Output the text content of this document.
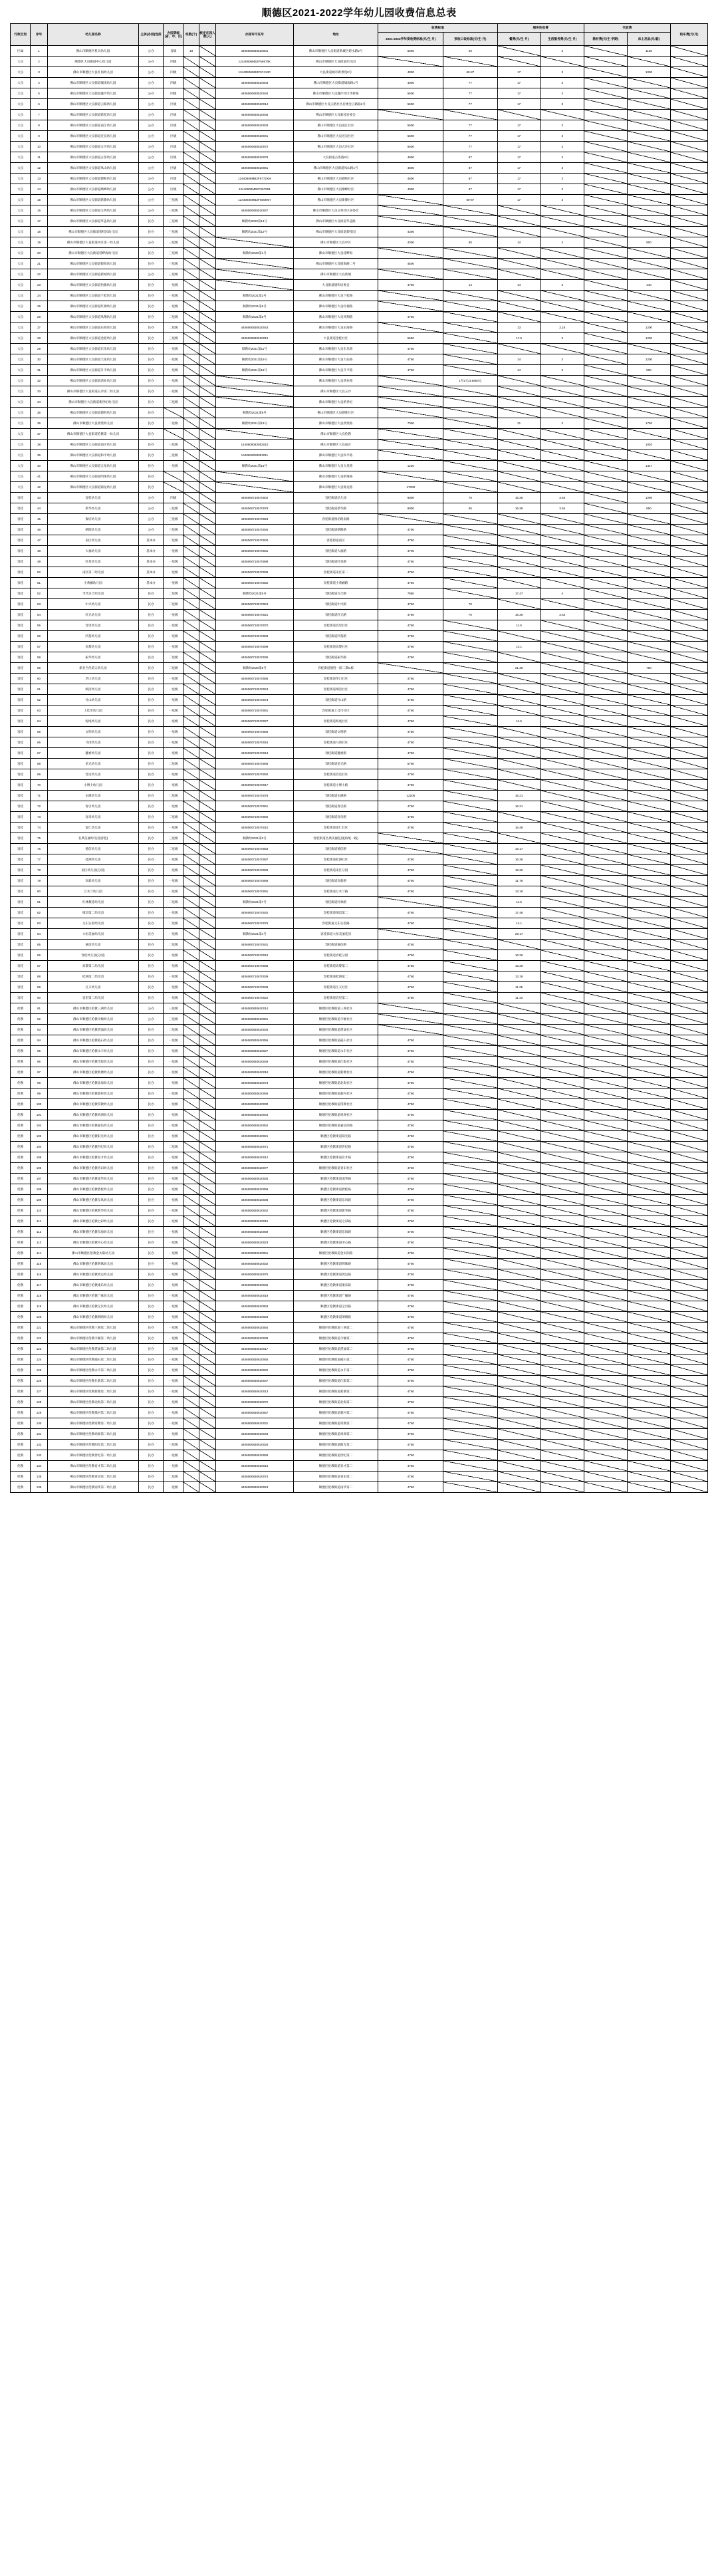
顺德区2021-2022学年幼儿园收费信息总表
行政区划	序号	幼儿园名称	主体(办园)性质	办园等级(省、市、区)	班数(个)	核定在园人数(人)	办园许可证号	地址	收费标准		服务性收费		代收费		校车费(元/月)
									2021-2022学年度收费标准(元/生·月)	预收口设标准(元/生·月)	餐费(元/生·月)	生活服务费(元/生·月)	教材费(元/生·学期)	床上用品(元/套)	

区属	1	佛山市顺德区机关幼儿园	公办	省级	18		4406060830520001	佛山市顺德区大良街道新城区碧水路2号	5600	20		3		1150	
大良	2	顺德区大良街道中心幼儿园	公办	四级			12440606MB2F55670K	佛山市顺德区大良街道幼儿园							
大良	3	佛山市顺德区大良红岗幼儿园	公办	四级			12440606MB2F57413C	大良街道城市新景苑2号	4800	60-87	17	3		1000	
大良	4	佛山市顺德区大良街道城南幼儿园	公办	四级			4406060830520003	佛山市顺德区大良街道城南路1号	4800	77	17	3			
大良	5	佛山市顺德区大良街道逢沙幼儿园	公办	四级			4406060830520044	佛山市顺德区大良逢沙社区华新路	5600	77	17	3			
大良	6	佛山市顺德区大良街道云路幼儿园	公办	区级			4406060830520014	佛山市顺德区大良云路社区居委会云路路2号	5600	77	17	3			
大良	7	佛山市顺德区大良街道新桂幼儿园	公办	区级			4406060830520035	佛山市顺德区大良新桂居委会							
大良	8	佛山市顺德区大良街道南江幼儿园	公办	区级			4406060830520033	佛山市顺德区大良南江社区	5600	77	17	3			
大良	9	佛山市顺德区大良街道近良幼儿园	公办	区级			4406060830520041	佛山市顺德区大良近良社区	5600	77	17	3			
大良	10	佛山市顺德区大良街道五沙幼儿园	公办	区级			4406060830520072	佛山市顺德区大良五沙社区	5600	77	17	3			
大良	11	佛山市顺德区大良街道古鉴幼儿园	公办	区级			4406060830520078	大良街道古鉴路2号	4800	87	17	3			
大良	12	佛山市顺德区大良街道凤山幼儿园	公办	区级			4406060830520061	佛山市顺德区大良街道凤山路1号	4800	87	17	3			
大良	13	佛山市顺德区大良街道德和幼儿园	公办	区级			12440606MB2F5772XM	佛山市顺德区大良德和社区	4800	87	17	3			
大良	14	佛山市顺德区大良街道顺峰幼儿园	公办	区级			12440606MB2F567891	佛山市顺德区大良顺峰社区	4800	87	17	3			
大良	15	佛山市顺德区大良街道新滕幼儿园	公办	三星级			12440606MB2F5669XH	佛山市顺德区大良新滕社区		60-87	17	3			
大良	16	佛山市顺德区大良街道文秀幼儿园	公办	三星级			4406060830520047	佛山市顺德区大良文秀社区居委会							
大良	17	佛山市顺德区大良街道华盖幼儿园	民办	三星级			顺教幼2020第14号	佛山市顺德区大良街道华盖路							
大良	18	佛山市顺德区大良街道碧桂园幼儿园	民办	三星级			顺教幼2021第12号	佛山市顺德区大良街道碧桂园	4300						
大良	19	佛山市顺德区大良街道中区第一幼儿园	公办	三星级				佛山市顺德区大良中区	4300	85	14	3		900	
大良	20	佛山市顺德区大良街道桂畔海幼儿园	民办	三星级			顺教幼2020第1号	佛山市顺德区大良桂畔海							
大良	21	佛山市顺德区大良街道银海幼儿园	民办	三星级				佛山市顺德区大良银海路二号	4500						
大良	22	佛山市顺德区大良街道新城幼儿园	公办	三星级				佛山市顺德区大良新城							
大良	23	佛山市顺德区大良街道怡雅幼儿园	民办	一星级				大良街道德和居委会	4750	14	14	3		440	
大良	24	佛山市顺德区大良街道兰桂幼儿园	民办	一星级			顺教幼2021第2号	佛山市顺德区大良兰桂路							
大良	25	佛山市顺德区大良街道红棉幼儿园	民办	一星级			顺教幼2021第6号	佛山市顺德区大良红棉路							
大良	26	佛山市顺德区大良街道凤翔幼儿园	民办	二星级			顺教幼2021第8号	佛山市顺德区大良凤翔路	4750						
大良	27	佛山市顺德区大良街道东海幼儿园	民办	二星级			4406060830520043	佛山市顺德区大良东海路			13	2,18		1200	
大良	28	佛山市顺德区大良街道金桂幼儿园	民办	三星级			4406060830520019	大良街道金桂社区	5550		17.5	3		1200	
大良	29	佛山市顺德区大良街道东乐幼儿园	民办	一星级			顺教幼2021第11号	佛山市顺德区大良东乐路	4750						
大良	30	佛山市顺德区大良街道天佑幼儿园	民办	一星级			顺教幼2021第15号	佛山市顺德区大良天佑路	4750		14	3		1200	
大良	31	佛山市顺德区大良街道升平幼儿园	民办	一星级			顺教幼2021第18号	佛山市顺德区大良升平路	4750		14	3		600	
大良	32	佛山市顺德区大良街道鸿业幼儿园	民办	一星级				佛山市顺德区大良鸿业路		1至2元/3.5900元					
大良	33	佛山市顺德区大良街道五沙第二幼儿园	民办	一星级				佛山市顺德区大良五沙							
大良	34	佛山市顺德区大良街道新世纪幼儿园	民办	二星级				佛山市顺德区大良新世纪							
大良	35	佛山市顺德区大良街道德胜幼儿园	民办				顺教幼2021第9号	佛山市顺德区大良德胜社区							
大良	36	佛山市顺德区大良欣榮幼儿园	民办	二星级			顺教幼2021第13号	佛山市顺德区大良欣榮路	7000		21	3		1750	
大良	37	佛山市顺德区大良街道伦教第一幼儿园	民办					佛山市顺德区大良伦教							
大良	38	佛山市顺德区大良街道南区幼儿园	民办	三星级			1440606083052010	佛山市顺德区大良南区						1020	
大良	39	佛山市顺德区大良街道和平幼儿园	民办	三星级			1440606083052011	佛山市顺德区大良和平路							
大良	40	佛山市顺德区大良街道五星幼儿园	民办	一星级			顺教幼2021第16号	佛山市顺德区大良五星路	1230					1447	
大良	41	佛山市顺德区大良街道明珠幼儿园	民办					佛山市顺德区大良明珠路							
大良	42	佛山市顺德区大良街道锦龙幼儿园	民办					佛山市顺德区大良锦龙路	17000						
容桂	43	容桂幼儿园	公办	四级			4406060710570002	容桂街道幼儿园	6800	70	16.36	3.64		1290	
容桂	44	新华幼儿园	公办	三星级			4406060710570079	容桂街道新华路	6800	65	16.36	3.64		850	
容桂	45	俊培幼儿园	公办	三星级			4406060710570023	容桂街道俊培路南路							
容桂	46	朝阳幼儿园	公办	三星级			4406060710570045	容桂街道朝阳路	4700						
容桂	47	南区幼儿园	基本办	二星级			4406060710570000	容桂街道南区	4750						
容桂	48	大福幼儿园	基本办	一星级			4406060710570031	容桂街道大福路	4700						
容桂	49	红星幼儿园	基本办	一星级			4406060710570088	容桂街道红星路	4750						
容桂	50	南区第二幼儿园	基本办	一星级			4406060710570036	容桂街道南区第二	4750						
容桂	51	小黄鹂幼儿园	基本办	一星级			4406060710570052	容桂街道小黄鹂路	4750						
容桂	52	当代百合幼儿园	民办	二星级			顺教幼2021第5号	容桂街道百合路	7850		17.47	4			
容桂	53	中兴幼儿园	民办	二星级			4406060710570064	容桂街道中兴路	4750	70					
容桂	54	红光幼儿园	民办	一星级			4406060710570021	容桂街道红光路	4750	70	16.36	3.64			
容桂	55	容里幼儿园	民办	一星级			4406060710570070	容桂街道容里社区	4750		11.5				
容桂	56	四基幼儿园	民办	一星级			4406060710570093	容桂街道四基路	4750						
容桂	57	高黎幼儿园	民办	一星级			4406060710570099	容桂街道高黎社区	4750		14.1				
容桂	58	振华幼儿园	民办	二星级			4406060710570035	容桂街道振华路	4750						
容桂	59	新亚当代第五幼儿园	民办	二星级			顺教幼2020第9号	容桂街道德胜一路二期C栋			21.39			760	
容桂	60	华口幼儿园	民办	一星级			4406060710570058	容桂街道华口社区	4750						
容桂	61	细滘幼儿园	民办	一星级			4406060710570024	容桂街道细滘社区	4750						
容桂	62	竹山幼儿园	民办	一星级			4406060710570073	容桂街道竹山路	4750						
容桂	63	上佳市幼儿园	民办	一星级			4406060710570081	容桂街道上佳市社区	4750						
容桂	64	海尾幼儿园	民办	一星级			4406060710570027	容桂街道海尾社区	4750		11.5				
容桂	65	文明幼儿园	民办	一星级			4406060710570055	容桂街道文明路	4750						
容桂	66	马冈幼儿园	民办	一星级			4406060710570016	容桂街道马冈社区	4750						
容桂	67	穗香幼儿园	民办	一星级			4406060710570013	容桂街道穗香路	4750						
容桂	68	星光幼儿园	民办	二星级			4406060710570066	容桂街道星光路	5750						
容桂	69	容边幼儿园	民办	一星级			4406060710570092	容桂街道容边社区	4750						
容桂	70	小博士幼儿园	民办	一星级			4406060710570017	容桂街道小博士路	4750						
容桂	71	永隆幼儿园	民办	二星级			4406060710570078	容桂街道永隆路	12200		16.21				
容桂	72	春引幼儿园	民办	一星级			4406060710570061	容桂街道春引路	4750		16.21				
容桂	73	容奇幼儿园	民办	二星级			4406060710570060	容桂街道容奇路	4750						
容桂	74	雷仁幼儿园	民办	一星级			4406060710570010	容桂街道雷仁社区	4750		16.48				
容桂	75	名典美丽幼儿园(容桂)	民办	三星级			顺教幼2021第3号	容桂街道名典美丽花园(海尾一路)							
容桂	76	德信幼儿园	民办	二星级			4406060710570053	容桂街道德信路			16.17				
容桂	77	桂洲幼儿园	民办	一星级			4406060710570087	容桂街道桂洲社区	4750		16.36				
容桂	78	南区幼儿园(分园)	民办	一星级			4406060710570029	容桂街道南区分园	4750		16.36				
容桂	79	高新幼儿园	民办	一星级			4406060710570069	容桂街道高新路	4750		11.78				
容桂	80	万木兰幼儿园	民办	一星级			4406060710570091	容桂街道万木兰路	4750		13.19				
容桂	81	红林教桂幼儿园	民办	二星级			顺教幼2021第7号	容桂街道红林路			11.5				
容桂	82	细滘第二幼儿园	民办	一星级			4406060710570042	容桂街道细滘第二	4750		17.48				
容桂	83	文东实验幼儿园	民办	二星级			4406060710570075	容桂街道文东实验路	4750		14.1				
容桂	84	大恒美丽幼儿园	民办	一星级			顺教幼2021第4号	容桂街道大恒美丽花园			26.17				
容桂	85	嘉信幼儿园	民办	二星级			4406060710570041	容桂街道嘉信路	4750						
容桂	86	容桂幼儿园(分园)	民办	一星级			4406060710570019	容桂街道容桂分园	4750		16.36				
容桂	87	高黎第二幼儿园	民办	一星级			4406060710570085	容桂街道高黎第二	4750		16.36				
容桂	88	桂洲第二幼儿园	民办	一星级			4406060710570039	容桂街道桂洲第二	4750		13.19				
容桂	89	江义幼儿园	民办	一星级			4406060710570048	容桂街道江义社区	4750		11.25				
容桂	90	容里第二幼儿园	民办	一星级			4406060710570022	容桂街道容里第二	4750		11.43				
伦教	91	佛山市顺德区伦教三洲幼儿园	公办	三星级			4406060830620014	顺德区伦教街道三洲社区							
伦教	92	佛山市顺德区伦教羊额幼儿园	公办	三星级			4406060830620061	顺德区伦教街道羊额社区							
伦教	93	佛山市顺德区伦教熹涌幼儿园	民办	二星级			4406060830620034	顺德区伦教街道熹涌社区							
伦教	94	佛山市顺德区伦教霞石幼儿园	民办	一星级			4406060830620055	顺德区伦教街道霞石社区	4750						
伦教	95	佛山市顺德区伦教永丰幼儿园	民办	一星级			4406060830620027	顺德区伦教街道永丰社区	4750						
伦教	96	佛山市顺德区伦教仕版幼儿园	民办	一星级			4406060830620049	顺德区伦教街道仕版社区	4750						
伦教	97	佛山市顺德区伦教新塘幼儿园	民办	一星级			4406060830620018	顺德区伦教街道新塘社区	4750						
伦教	98	佛山市顺德区伦教北海幼儿园	民办	一星级			4406060830620073	顺德区伦教街道北海社区	4750						
伦教	99	佛山市顺德区伦教荔村幼儿园	民办	一星级			4406060830620066	顺德区伦教街道荔村社区	4750						
伦教	100	佛山市顺德区伦教常教幼儿园	民办	一星级			4406060830620030	顺德区伦教街道常教社区	4750						
伦教	101	佛山市顺德区伦教鸡洲幼儿园	民办	一星级			4406060830620044	顺德区伦教街道鸡洲社区	4750						
伦教	102	佛山市顺德区伦教嘉信幼儿园	民办	一星级			4406060830620052	顺德区伦教街道嘉信西路	4750						
伦教	103	佛山市顺德区伦教阳光幼儿园	民办	一星级			4406060830620021	顺德区伦教街道阳光路	4750						
伦教	104	佛山市顺德区伦教世纪幼儿园	民办	二星级			4406060830620071	顺德区伦教街道世纪路	4750						
伦教	105	佛山市顺德区伦教育才幼儿园	民办	一星级			4406060830620012	顺德区伦教街道育才路	4750						
伦教	106	佛山市顺德区伦教青田幼儿园	民办	一星级			4406060830620077	顺德区伦教街道青田社区	4750						
伦教	107	佛山市顺德区伦教南华幼儿园	民办	一星级			4406060830620025	顺德区伦教街道南华路	4750						
伦教	108	佛山市顺德区伦教碧桂幼儿园	民办	一星级			4406060830620058	顺德区伦教街道碧桂路	4750						
伦教	109	佛山市顺德区伦教东风幼儿园	民办	一星级			4406060830620036	顺德区伦教街道东风路	4750						
伦教	110	佛山市顺德区伦教新华幼儿园	民办	一星级			4406060830620042	顺德区伦教街道新华路	4750						
伦教	111	佛山市顺德区伦教七彩幼儿园	民办	一星级			4406060830620015	顺德区伦教街道七彩路	4750						
伦教	112	佛山市顺德区伦教东海幼儿园	民办	一星级			4406060830620069	顺德区伦教街道东海路	4750						
伦教	113	佛山市顺德区伦教中心幼儿园	民办	一星级			4406060830620023	顺德区伦教街道中心路	4750						
伦教	114	佛山市顺德区伦教金太阳幼儿园	民办	一星级			4406060830620051	顺德区伦教街道金太阳路	4750						
伦教	115	佛山市顺德区伦教明珠幼儿园	民办	一星级			4406060830620032	顺德区伦教街道明珠路	4750						
伦教	116	佛山市顺德区伦教鸿运幼儿园	民办	一星级			4406060830620075	顺德区伦教街道鸿运路	4750						
伦教	117	佛山市顺德区伦教康乐幼儿园	民办	一星级			4406060830620046	顺德区伦教街道康乐路	4750						
伦教	118	佛山市顺德区伦教广缘幼儿园	民办	一星级			4406060830620019	顺德区伦教街道广缘路	4750						
伦教	119	佛山市顺德区伦教宝贝幼儿园	民办	一星级			4406060830620063	顺德区伦教街道宝贝路	4750						
伦教	120	佛山市顺德区伦教朗晴幼儿园	民办	一星级			4406060830620028	顺德区伦教街道朗晴路	4750						
伦教	121	佛山市顺德区伦教三洲第二幼儿园	民办	一星级			4406060830620054	顺德区伦教街道三洲第二	4750						
伦教	122	佛山市顺德区伦教羊额第二幼儿园	民办	一星级			4406060830620038	顺德区伦教街道羊额第二	4750						
伦教	123	佛山市顺德区伦教熹涌第二幼儿园	民办	二星级			4406060830620017	顺德区伦教街道熹涌第二	4750						
伦教	124	佛山市顺德区伦教霞石第二幼儿园	民办	一星级			4406060830620065	顺德区伦教街道霞石第二	4750						
伦教	125	佛山市顺德区伦教永丰第二幼儿园	民办	一星级			4406060830620022	顺德区伦教街道永丰第二	4750						
伦教	126	佛山市顺德区伦教仕版第二幼儿园	民办	一星级			4406060830620047	顺德区伦教街道仕版第二	4750						
伦教	127	佛山市顺德区伦教新塘第二幼儿园	民办	一星级			4406060830620013	顺德区伦教街道新塘第二	4750						
伦教	128	佛山市顺德区伦教北海第二幼儿园	民办	一星级			4406060830620072	顺德区伦教街道北海第二	4750						
伦教	129	佛山市顺德区伦教荔村第二幼儿园	民办	一星级			4406060830620057	顺德区伦教街道荔村第二	4750						
伦教	130	佛山市顺德区伦教常教第二幼儿园	民办	一星级			4406060830620031	顺德区伦教街道常教第二	4750						
伦教	131	佛山市顺德区伦教鸡洲第二幼儿园	民办	一星级			4406060830620043	顺德区伦教街道鸡洲第二	4750						
伦教	132	佛山市顺德区伦教阳光第二幼儿园	民办	三星级			4406060830620026	顺德区伦教街道阳光第二	4750						
伦教	133	佛山市顺德区伦教世纪第二幼儿园	民办	一星级			4406060830620068	顺德区伦教街道世纪第二	4750						
伦教	134	佛山市顺德区伦教育才第二幼儿园	民办	一星级			4406060830620016	顺德区伦教街道育才第二	4750						
伦教	135	佛山市顺德区伦教青田第二幼儿园	民办	二星级			4406060830620074	顺德区伦教街道青田第二	4750						
伦教	136	佛山市顺德区伦教南华第二幼儿园	民办	一星级			4406060830620024	顺德区伦教街道南华第二	4750						
